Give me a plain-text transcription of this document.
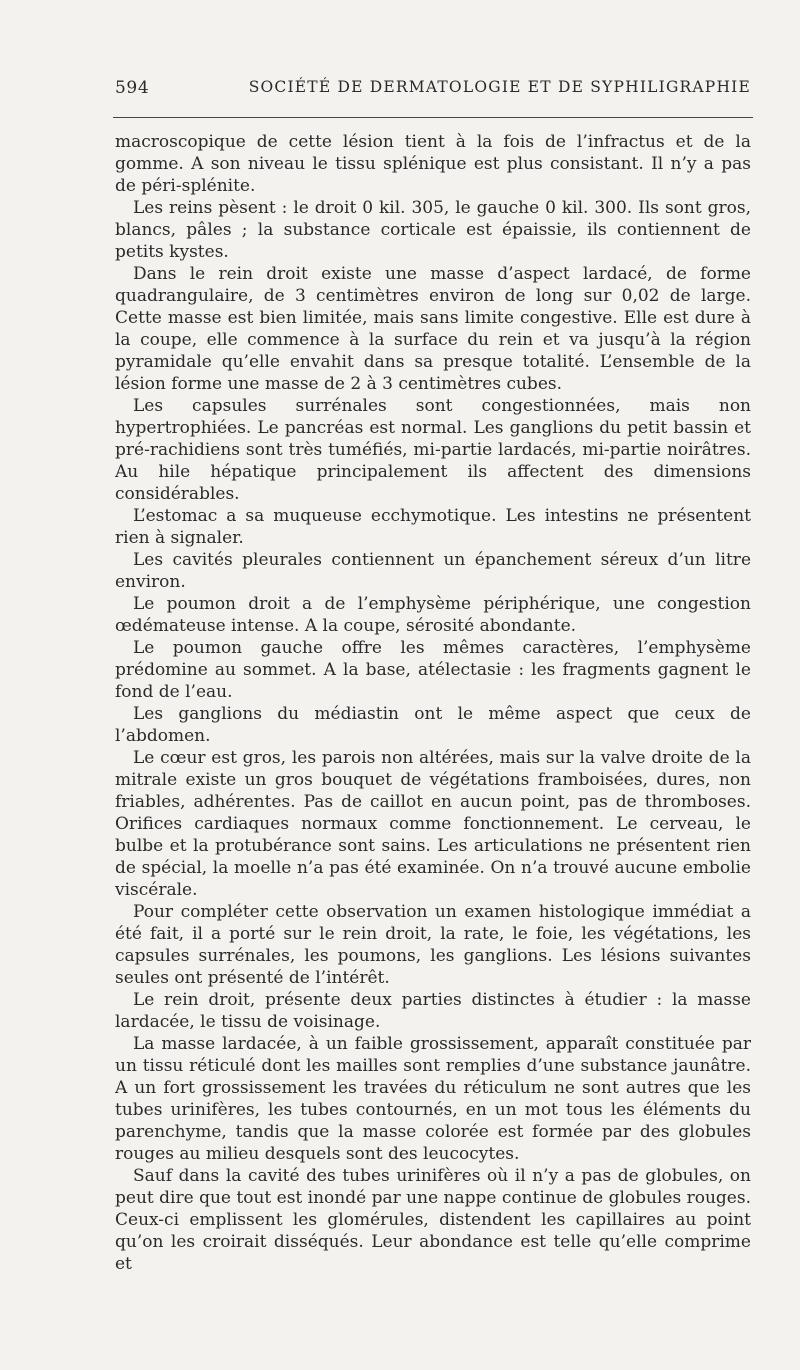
594	SOCIÉTÉ DE DERMATOLOGIE ET DE SYPHILIGRAPHIE

macroscopique de cette lésion tient à la fois de l’infractus et de la gomme. A son niveau le tissu splénique est plus consistant. Il n’y a pas de péri-splénite.

Les reins pèsent : le droit 0 kil. 305, le gauche 0 kil. 300. Ils sont gros, blancs, pâles ; la substance corticale est épaissie, ils contiennent de petits kystes.

Dans le rein droit existe une masse d’aspect lardacé, de forme quadrangulaire, de 3 centimètres environ de long sur 0,02 de large. Cette masse est bien limitée, mais sans limite congestive. Elle est dure à la coupe, elle commence à la surface du rein et va jusqu’à la région pyramidale qu’elle envahit dans sa presque totalité. L’ensemble de la lésion forme une masse de 2 à 3 centimètres cubes.

Les capsules surrénales sont congestionnées, mais non hypertrophiées. Le pancréas est normal. Les ganglions du petit bassin et pré-rachidiens sont très tuméfiés, mi-partie lardacés, mi-partie noirâtres. Au hile hépatique principalement ils affectent des dimensions considérables.

L’estomac a sa muqueuse ecchymotique. Les intestins ne présentent rien à signaler.

Les cavités pleurales contiennent un épanchement séreux d’un litre environ.

Le poumon droit a de l’emphysème périphérique, une congestion œdémateuse intense. A la coupe, sérosité abondante.

Le poumon gauche offre les mêmes caractères, l’emphysème prédomine au sommet. A la base, atélectasie : les fragments gagnent le fond de l’eau.

Les ganglions du médiastin ont le même aspect que ceux de l’abdomen.

Le cœur est gros, les parois non altérées, mais sur la valve droite de la mitrale existe un gros bouquet de végétations framboisées, dures, non friables, adhérentes. Pas de caillot en aucun point, pas de thromboses. Orifices cardiaques normaux comme fonctionnement. Le cerveau, le bulbe et la protubérance sont sains. Les articulations ne présentent rien de spécial, la moelle n’a pas été examinée. On n’a trouvé aucune embolie viscérale.

Pour compléter cette observation un examen histologique immédiat a été fait, il a porté sur le rein droit, la rate, le foie, les végétations, les capsules surrénales, les poumons, les ganglions. Les lésions suivantes seules ont présenté de l’intérêt.

Le rein droit, présente deux parties distinctes à étudier : la masse lardacée, le tissu de voisinage.

La masse lardacée, à un faible grossissement, apparaît constituée par un tissu réticulé dont les mailles sont remplies d’une substance jaunâtre. A un fort grossissement les travées du réticulum ne sont autres que les tubes urinifères, les tubes contournés, en un mot tous les éléments du parenchyme, tandis que la masse colorée est formée par des globules rouges au milieu desquels sont des leucocytes.

Sauf dans la cavité des tubes urinifères où il n’y a pas de globules, on peut dire que tout est inondé par une nappe continue de globules rouges. Ceux-ci emplissent les glomérules, distendent les capillaires au point qu’on les croirait disséqués. Leur abondance est telle qu’elle comprime et
